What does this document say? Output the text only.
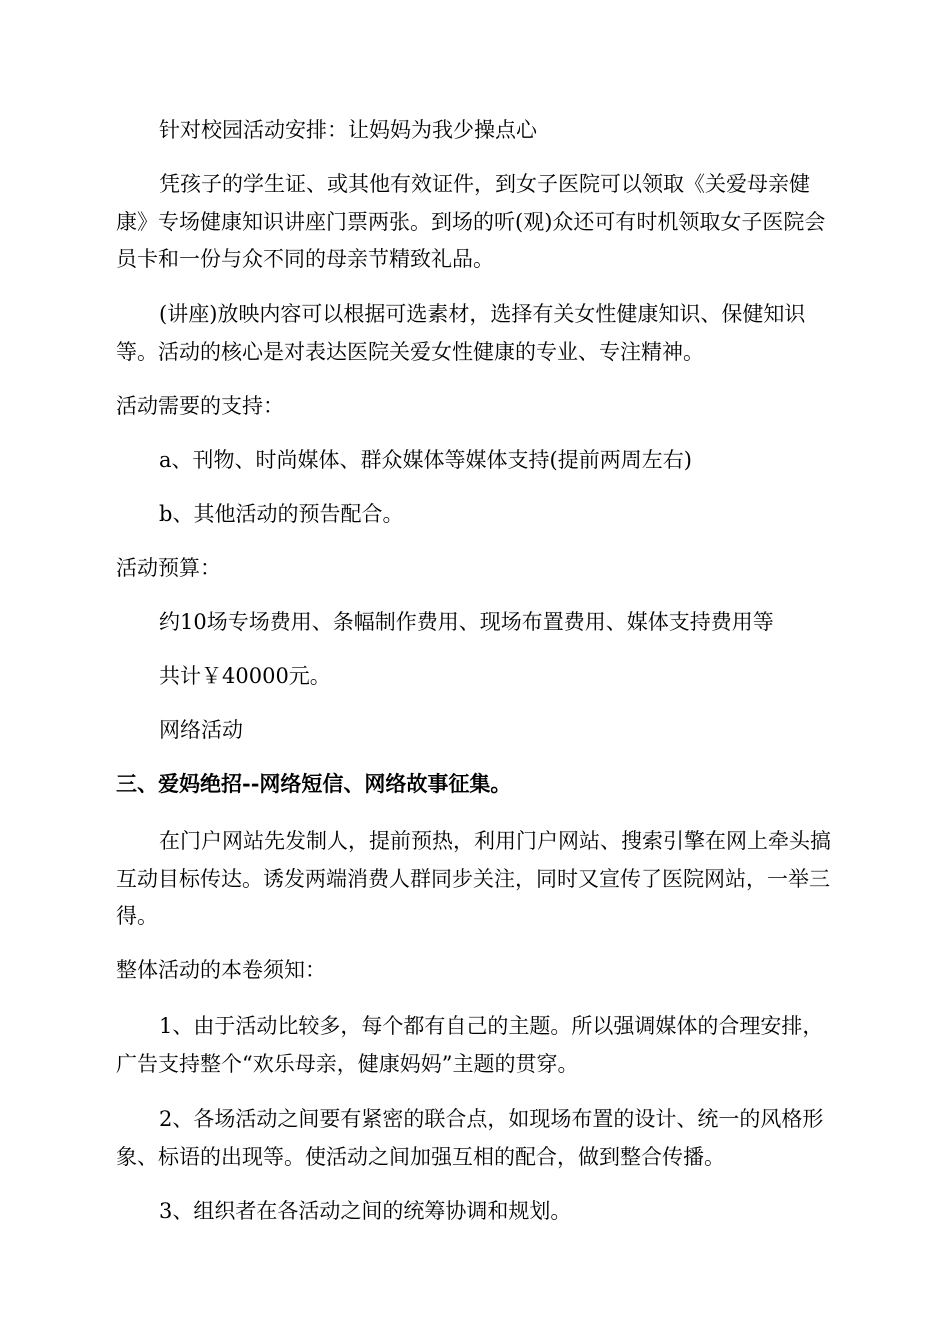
针对校园活动安排：让妈妈为我少操点心
凭孩子的学生证、或其他有效证件，到女子医院可以领取《关爱母亲健康》专场健康知识讲座门票两张。到场的听(观)众还可有时机领取女子医院会员卡和一份与众不同的母亲节精致礼品。
(讲座)放映内容可以根据可选素材，选择有关女性健康知识、保健知识等。活动的核心是对表达医院关爱女性健康的专业、专注精神。
活动需要的支持：
a、刊物、时尚媒体、群众媒体等媒体支持(提前两周左右)
b、其他活动的预告配合。
活动预算：
约10场专场费用、条幅制作费用、现场布置费用、媒体支持费用等
共计￥40000元。
网络活动
三、爱妈绝招--网络短信、网络故事征集。
在门户网站先发制人，提前预热，利用门户网站、搜索引擎在网上牵头搞互动目标传达。诱发两端消费人群同步关注，同时又宣传了医院网站，一举三得。
整体活动的本卷须知：
1、由于活动比较多，每个都有自己的主题。所以强调媒体的合理安排，广告支持整个“欢乐母亲，健康妈妈”主题的贯穿。
2、各场活动之间要有紧密的联合点，如现场布置的设计、统一的风格形象、标语的出现等。使活动之间加强互相的配合，做到整合传播。
3、组织者在各活动之间的统筹协调和规划。
